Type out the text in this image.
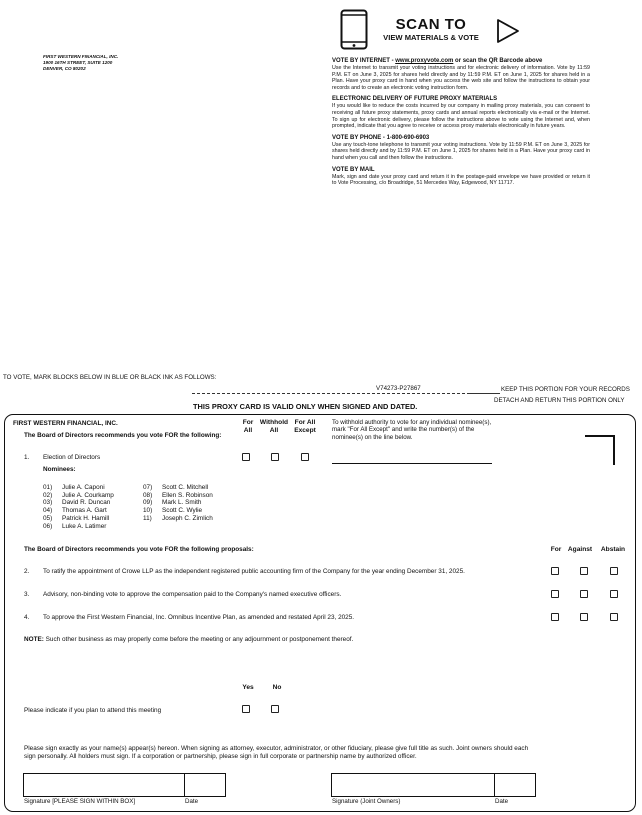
FIRST WESTERN FINANCIAL, INC.
1900 16TH STREET, SUITE 1200
DENVER, CO 80202
SCAN TO
VIEW MATERIALS & VOTE
VOTE BY INTERNET - www.proxyvote.com or scan the QR Barcode above
Use the Internet to transmit your voting instructions and for electronic delivery of information. Vote by 11:59 P.M. ET on June 3, 2025 for shares held directly and by 11:59 P.M. ET on June 1, 2025 for shares held in a Plan. Have your proxy card in hand when you access the web site and follow the instructions to obtain your records and to create an electronic voting instruction form.
ELECTRONIC DELIVERY OF FUTURE PROXY MATERIALS
If you would like to reduce the costs incurred by our company in mailing proxy materials, you can consent to receiving all future proxy statements, proxy cards and annual reports electronically via e-mail or the Internet. To sign up for electronic delivery, please follow the instructions above to vote using the Internet and, when prompted, indicate that you agree to receive or access proxy materials electronically in future years.
VOTE BY PHONE - 1-800-690-6903
Use any touch-tone telephone to transmit your voting instructions. Vote by 11:59 P.M. ET on June 3, 2025 for shares held directly and by 11:59 P.M. ET on June 1, 2025 for shares held in a Plan. Have your proxy card in hand when you call and then follow the instructions.
VOTE BY MAIL
Mark, sign and date your proxy card and return it in the postage-paid envelope we have provided or return it to Vote Processing, c/o Broadridge, 51 Mercedes Way, Edgewood, NY 11717.
TO VOTE, MARK BLOCKS BELOW IN BLUE OR BLACK INK AS FOLLOWS:
V74273-P27867	KEEP THIS PORTION FOR YOUR RECORDS
THIS PROXY CARD IS VALID ONLY WHEN SIGNED AND DATED.
DETACH AND RETURN THIS PORTION ONLY
FIRST WESTERN FINANCIAL, INC.
The Board of Directors recommends you vote FOR the following:
For All
Withhold All
For All Except
To withhold authority to vote for any individual nominee(s), mark "For All Except" and write the number(s) of the nominee(s) on the line below.
1. Election of Directors
Nominees:
01) Julie A. Caponi
02) Julie A. Courkamp
03) David R. Duncan
04) Thomas A. Gart
05) Patrick H. Hamill
06) Luke A. Latimer
07) Scott C. Mitchell
08) Ellen S. Robinson
09) Mark L. Smith
10) Scott C. Wylie
11) Joseph C. Zimlich
The Board of Directors recommends you vote FOR the following proposals:	For Against	Abstain
2. To ratify the appointment of Crowe LLP as the independent registered public accounting firm of the Company for the year ending December 31, 2025.
3. Advisory, non-binding vote to approve the compensation paid to the Company's named executive officers.
4. To approve the First Western Financial, Inc. Omnibus Incentive Plan, as amended and restated April 23, 2025.
NOTE: Such other business as may properly come before the meeting or any adjournment or postponement thereof.
Yes	No
Please indicate if you plan to attend this meeting
Please sign exactly as your name(s) appear(s) hereon. When signing as attorney, executor, administrator, or other fiduciary, please give full title as such. Joint owners should each sign personally. All holders must sign. If a corporation or partnership, please sign in full corporate or partnership name by authorized officer.
Signature [PLEASE SIGN WITHIN BOX]	Date	Signature (Joint Owners)	Date
